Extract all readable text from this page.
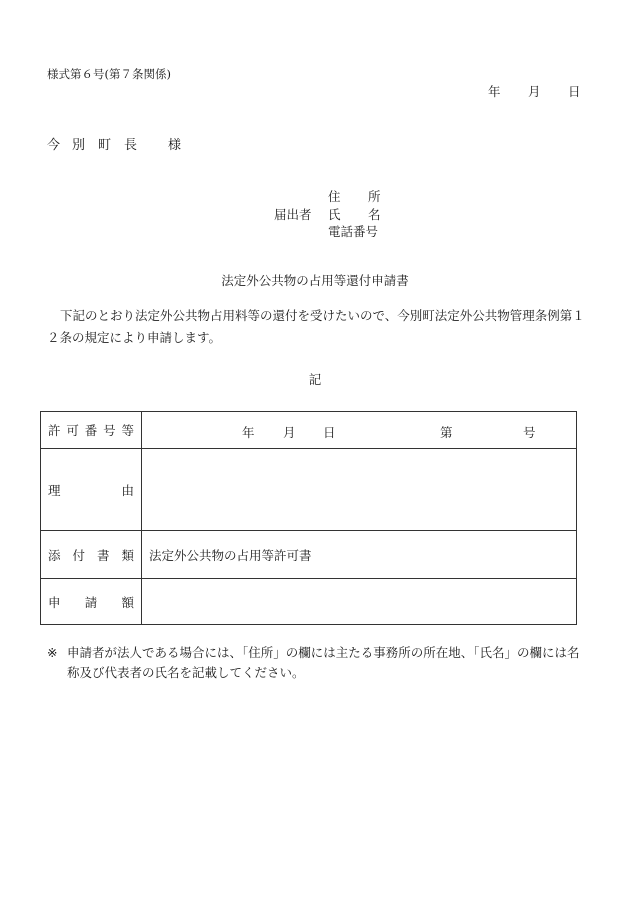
様式第６号(第７条関係)
年 月 日
今 別 町 長 様
住 所
届出者 氏 名
電話番号
法定外公共物の占用等還付申請書
下記のとおり法定外公共物占用料等の還付を受けたいので、今別町法定外公共物管理条例第１２条の規定により申請します。
記
許 可 番 号 等	年 月 日 第 号

理 由	

添 付 書 類	法定外公共物の占用等許可書

申 請 額	

※ 申請者が法人である場合には、「住所」の欄には主たる事務所の所在地、「氏名」の欄には名称及び代表者の氏名を記載してください。
